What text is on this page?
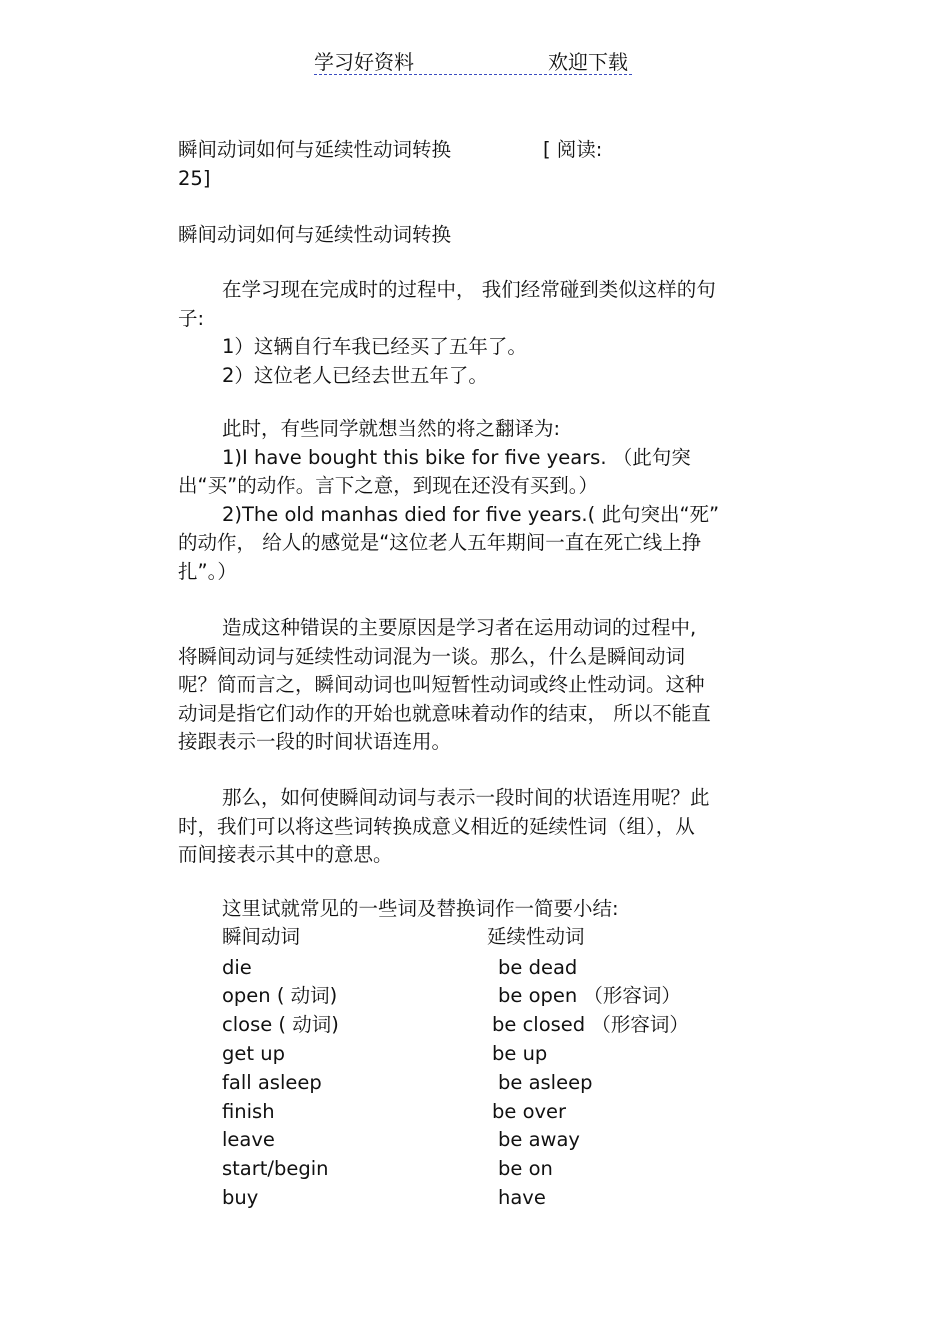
学习好资料	欢迎下载
瞬间动词如何与延续性动词转换	[ 阅读:
25]
瞬间动词如何与延续性动词转换
在学习现在完成时的过程中， 我们经常碰到类似这样的句
子:
1）这辆自行车我已经买了五年了。
2）这位老人已经去世五年了。
此时，有些同学就想当然的将之翻译为:
1)I have bought this bike for five years. （此句突
出“买”的动作。言下之意，到现在还没有买到。）
2)The old manhas died for five years.( 此句突出“死”
的动作， 给人的感觉是“这位老人五年期间一直在死亡线上挣
扎”。）
造成这种错误的主要原因是学习者在运用动词的过程中,
将瞬间动词与延续性动词混为一谈。那么，什么是瞬间动词
呢？简而言之，瞬间动词也叫短暂性动词或终止性动词。这种
动词是指它们动作的开始也就意味着动作的结束， 所以不能直
接跟表示一段的时间状语连用。
那么，如何使瞬间动词与表示一段时间的状语连用呢？此
时，我们可以将这些词转换成意义相近的延续性词（组），从
而间接表示其中的意思。
这里试就常见的一些词及替换词作一简要小结:
瞬间动词	延续性动词
die	be dead
open ( 动词)	be open （形容词）
close ( 动词)	be closed （形容词）
get up	be up
fall asleep	be asleep
finish	be over
leave	be away
start/begin	be on
buy	have
